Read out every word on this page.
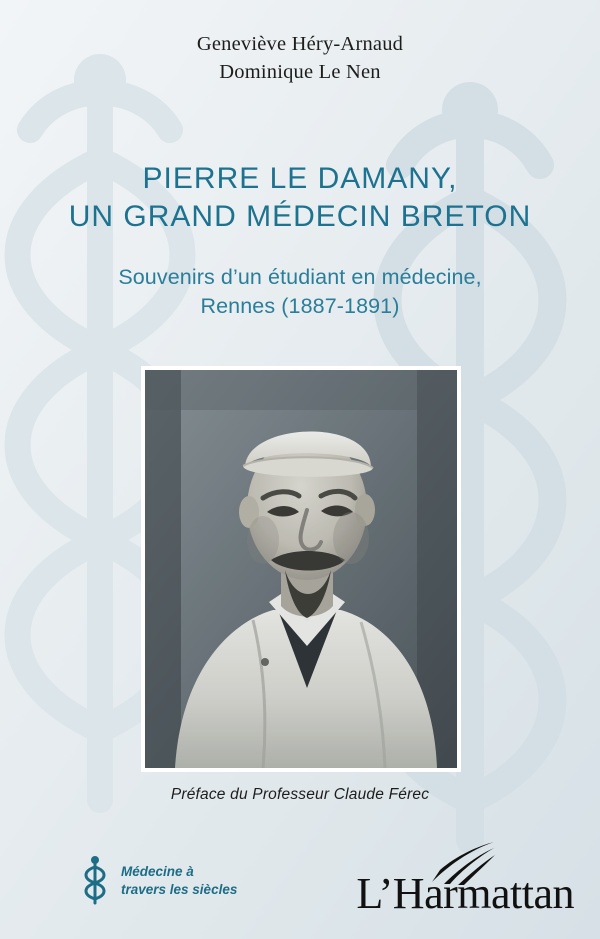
Geneviève Héry-Arnaud
Dominique Le Nen
PIERRE LE DAMANY,
UN GRAND MÉDECIN BRETON
Souvenirs d’un étudiant en médecine,
Rennes (1887-1891)
Préface du Professeur Claude Férec
Médecine à
travers les siècles	L’Harmattan
